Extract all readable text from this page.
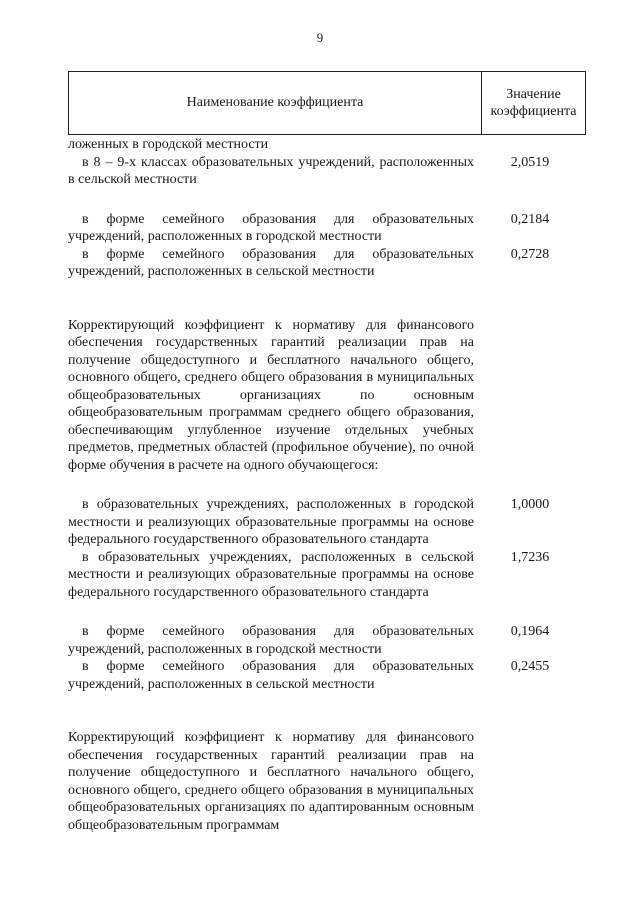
9
Наименование коэффициента
Значение коэффициента
ложенных в городской местности
в 8 – 9-х классах образовательных учреждений, расположенных в сельской местности
2,0519
в форме семейного образования для образовательных учреждений, расположенных в городской местности
0,2184
в форме семейного образования для образовательных учреждений, расположенных в сельской местности
0,2728
Корректирующий коэффициент к нормативу для финансового обеспечения государственных гарантий реализации прав на получение общедоступного и бесплатного начального общего, основного общего, среднего общего образования в муниципальных общеобразовательных организациях по основным общеобразовательным программам среднего общего образования, обеспечивающим углубленное изучение отдельных учебных предметов, предметных областей (профильное обучение), по очной форме обучения в расчете на одного обучающегося:
в образовательных учреждениях, расположенных в городской местности и реализующих образовательные программы на основе федерального государственного образовательного стандарта
1,0000
в образовательных учреждениях, расположенных в сельской местности и реализующих образовательные программы на основе федерального государственного образовательного стандарта
1,7236
в форме семейного образования для образовательных учреждений, расположенных в городской местности
0,1964
в форме семейного образования для образовательных учреждений, расположенных в сельской местности
0,2455
Корректирующий коэффициент к нормативу для финансового обеспечения государственных гарантий реализации прав на получение общедоступного и бесплатного начального общего, основного общего, среднего общего образования в муниципальных общеобразовательных организациях по адаптированным основным общеобразовательным программам
